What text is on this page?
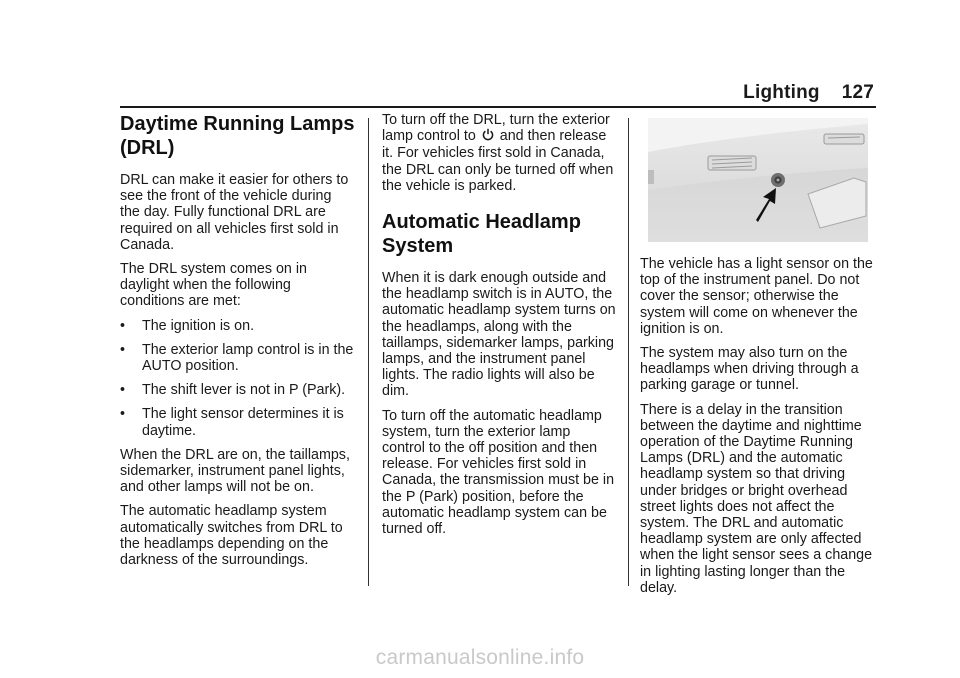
Lighting 127
Daytime Running Lamps (DRL)

DRL can make it easier for others to see the front of the vehicle during the day. Fully functional DRL are required on all vehicles first sold in Canada.

The DRL system comes on in daylight when the following conditions are met:

• The ignition is on.
• The exterior lamp control is in the AUTO position.
• The shift lever is not in P (Park).
• The light sensor determines it is daytime.

When the DRL are on, the taillamps, sidemarker, instrument panel lights, and other lamps will not be on.

The automatic headlamp system automatically switches from DRL to the headlamps depending on the darkness of the surroundings.

To turn off the DRL, turn the exterior lamp control to and then release it. For vehicles first sold in Canada, the DRL can only be turned off when the vehicle is parked.

Automatic Headlamp System

When it is dark enough outside and the headlamp switch is in AUTO, the automatic headlamp system turns on the headlamps, along with the taillamps, sidemarker lamps, parking lamps, and the instrument panel lights. The radio lights will also be dim.

To turn off the automatic headlamp system, turn the exterior lamp control to the off position and then release. For vehicles first sold in Canada, the transmission must be in the P (Park) position, before the automatic headlamp system can be turned off.

The vehicle has a light sensor on the top of the instrument panel. Do not cover the sensor; otherwise the system will come on whenever the ignition is on.

The system may also turn on the headlamps when driving through a parking garage or tunnel.

There is a delay in the transition between the daytime and nighttime operation of the Daytime Running Lamps (DRL) and the automatic headlamp system so that driving under bridges or bright overhead street lights does not affect the system. The DRL and automatic headlamp system are only affected when the light sensor sees a change in lighting lasting longer than the delay.

carmanualsonline.info
